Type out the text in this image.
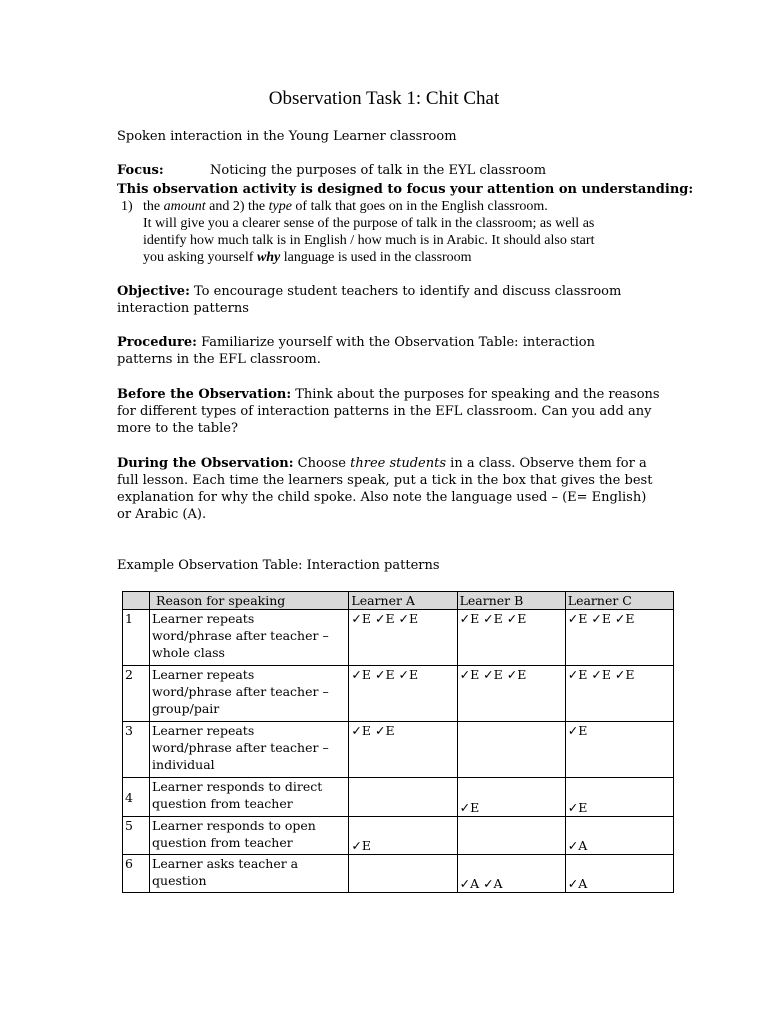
Observation Task 1: Chit Chat
Spoken interaction in the Young Learner classroom
Focus:	Noticing the purposes of talk in the EYL classroom
This observation activity is designed to focus your attention on understanding:
1) the amount and 2) the type of talk that goes on in the English classroom.
It will give you a clearer sense of the purpose of talk in the classroom; as well as
identify how much talk is in English / how much is in Arabic. It should also start
you asking yourself why language is used in the classroom
Objective: To encourage student teachers to identify and discuss classroom
interaction patterns
Procedure: Familiarize yourself with the Observation Table: interaction
patterns in the EFL classroom.
Before the Observation: Think about the purposes for speaking and the reasons
for different types of interaction patterns in the EFL classroom. Can you add any
more to the table?
During the Observation: Choose three students in a class. Observe them for a
full lesson. Each time the learners speak, put a tick in the box that gives the best
explanation for why the child spoke. Also note the language used – (E= English)
or Arabic (A).
Example Observation Table: Interaction patterns
	Reason for speaking	Learner A	Learner B	Learner C
1	Learner repeats
word/phrase after teacher –
whole class	✓E ✓E ✓E	✓E ✓E ✓E	✓E ✓E ✓E
2	Learner repeats
word/phrase after teacher –
group/pair	✓E ✓E ✓E	✓E ✓E ✓E	✓E ✓E ✓E
3	Learner repeats
word/phrase after teacher –
individual	✓E ✓E		✓E
4	Learner responds to direct
question from teacher		✓E	✓E
5	Learner responds to open
question from teacher	✓E		✓A
6	Learner asks teacher a
question		✓A ✓A	✓A
